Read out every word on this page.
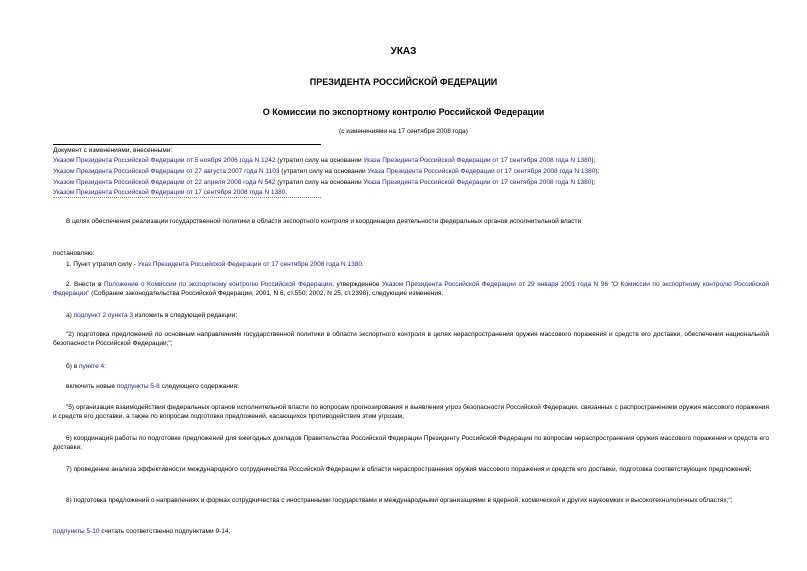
УКАЗ
ПРЕЗИДЕНТА РОССИЙСКОЙ ФЕДЕРАЦИИ
О Комиссии по экспортному контролю Российской Федерации
(с изменениями на 17 сентября 2008 года)
Документ с изменениями, внесенными:
Указом Президента Российской Федерации от 5 ноября 2006 года N 1242 (утратил силу на основании Указа Президента Российской Федерации от 17 сентября 2008 года N 1380);
Указом Президента Российской Федерации от 27 августа 2007 года N 1103 (утратил силу на основании Указа Президента Российской Федерации от 17 сентября 2008 года N 1380);
Указом Президента Российской Федерации от 22 апреля 2008 года N 542 (утратил силу на основании Указа Президента Российской Федерации от 17 сентября 2008 года N 1380);
Указом Президента Российской Федерации от 17 сентября 2008 года N 1380.
В целях обеспечения реализации государственной политики в области экспортного контроля и координации деятельности федеральных органов исполнительной власти
постановляю:
1. Пункт утратил силу - Указ Президента Российской Федерации от 17 сентября 2008 года N 1380.
2. Внести в Положение о Комиссии по экспортному контролю Российской Федерации, утвержденное Указом Президента Российской Федерации от 29 января 2001 года N 96 "О Комиссии по экспортному контролю Российской Федерации" (Собрание законодательства Российской Федерации, 2001, N 6, ст.550; 2002, N 25, ст.2398), следующие изменения:
а) подпункт 2 пункта 3 изложить в следующей редакции:
"2) подготовка предложений по основным направлениям государственной политики в области экспортного контроля в целях нераспространения оружия массового поражения и средств его доставки, обеспечения национальной безопасности Российской Федерации;";
б) в пункте 4:
включить новые подпункты 5-8 следующего содержания:
"5) организация взаимодействия федеральных органов исполнительной власти по вопросам прогнозирования и выявления угроз безопасности Российской Федерации, связанных с распространением оружия массового поражения и средств его доставки, а также по вопросам подготовки предложений, касающихся противодействия этим угрозам;
6) координация работы по подготовке предложений для ежегодных докладов Правительства Российской Федерации Президенту Российской Федерации по вопросам нераспространения оружия массового поражения и средств его доставки;
7) проведение анализа эффективности международного сотрудничества Российской Федерации в области нераспространения оружия массового поражения и средств его доставки, подготовка соответствующих предложений;
8) подготовка предложений о направлениях и формах сотрудничества с иностранными государствами и международными организациями в ядерной, космической и других наукоемких и высокотехнологичных областях;";
подпункты 5-10 считать соответственно подпунктами 9-14;
